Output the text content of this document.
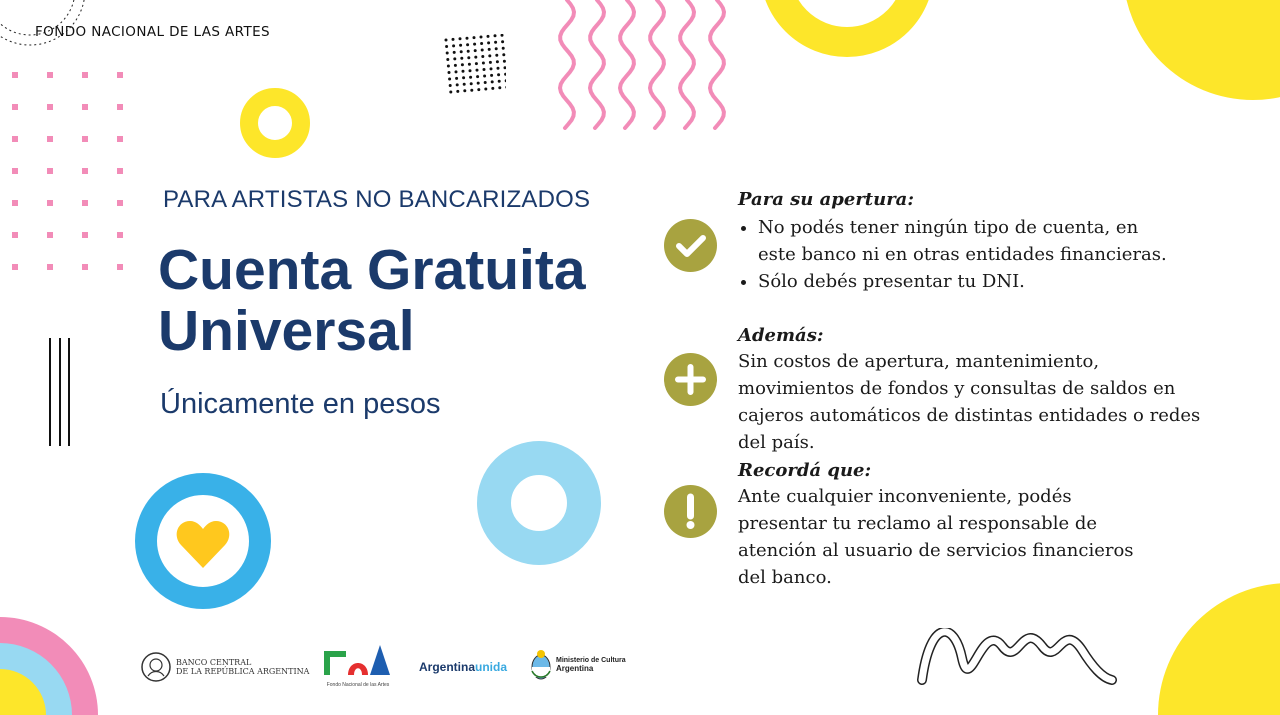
FONDO NACIONAL DE LAS ARTES
PARA ARTISTAS NO BANCARIZADOS
Cuenta Gratuita
Universal
Únicamente en pesos
Para su apertura:
• No podés tener ningún tipo de cuenta, en este banco ni en otras entidades financieras.
• Sólo debés presentar tu DNI.
Además:

Sin costos de apertura, mantenimiento, movimientos de fondos y consultas de saldos en cajeros automáticos de distintas entidades o redes del país.

Recordá que:

Ante cualquier inconveniente, podés presentar tu reclamo al responsable de atención al usuario de servicios financieros del banco.

BANCO CENTRAL
DE LA REPÚBLICA ARGENTINA
Fondo Nacional de las Artes
Argentinaunida	Ministerio de Cultura
Argentina
